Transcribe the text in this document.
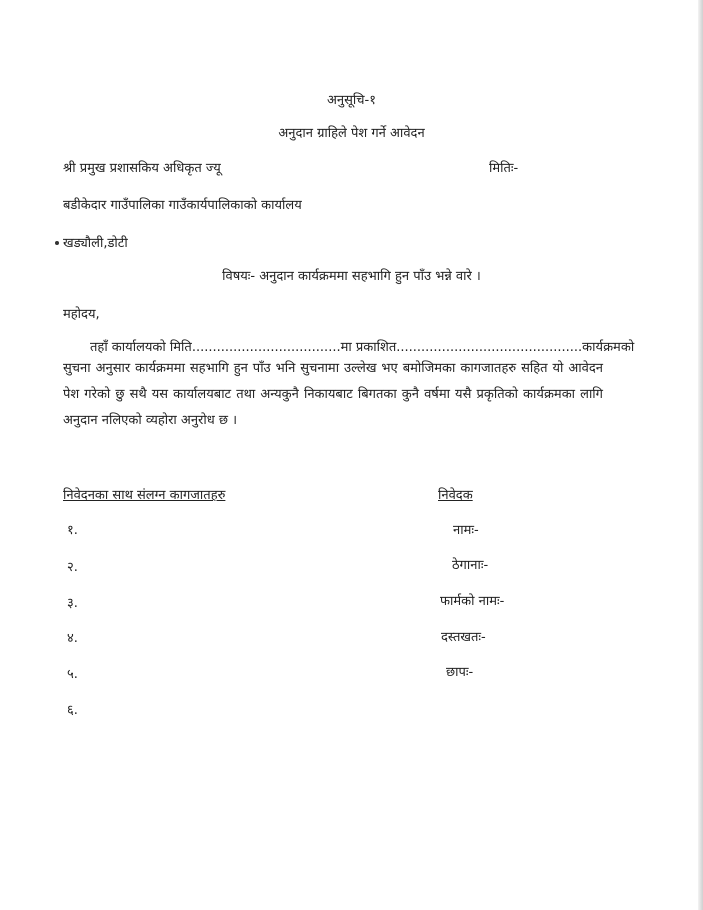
अनुसूचि-१
अनुदान ग्राहिले पेश गर्ने आवेदन
श्री प्रमुख प्रशासकिय अधिकृत ज्यू	मितिः-
बडीकेदार गाउँपालिका गाउँकार्यपालिकाको कार्यालय
खड्यौली,डोटी
विषयः- अनुदान कार्यक्रममा सहभागि हुन पाँउ भन्ने वारे ।
महोदय,
तहाँ कार्यालयको मिति....................................मा प्रकाशित.............................................कार्यक्रमको
सुचना अनुसार कार्यक्रममा सहभागि हुन पाँउ भनि सुचनामा उल्लेख भए बमोजिमका कागजातहरु सहित यो आवेदन पेश गरेको छु सथै यस कार्यालयबाट तथा अन्यकुनै निकायबाट बिगतका कुनै वर्षमा यसै प्रकृतिको कार्यक्रमका लागि अनुदान नलिएको व्यहोरा अनुरोध छ ।
निवेदनका साथ संलग्न कागजातहरु
१.
२.
३.
४.
५.
६.
निवेदक
नामः-
ठेगानाः-
फार्मको नामः-
दस्तखतः-
छापः-
